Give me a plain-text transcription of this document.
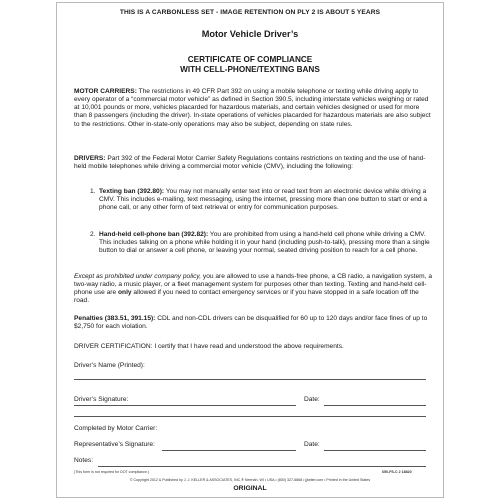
THIS IS A CARBONLESS SET - IMAGE RETENTION ON PLY 2 IS ABOUT 5 YEARS
Motor Vehicle Driver’s
CERTIFICATE OF COMPLIANCE
WITH CELL-PHONE/TEXTING BANS
MOTOR CARRIERS: The restrictions in 49 CFR Part 392 on using a mobile telephone or texting while driving apply to every operator of a “commercial motor vehicle” as defined in Section 390.5, including interstate vehicles weighing or rated at 10,001 pounds or more, vehicles placarded for hazardous materials, and certain vehicles designed or used for more than 8 passengers (including the driver). In-state operations of vehicles placarded for hazardous materials are also subject to the restrictions. Other in-state-only operations may also be subject, depending on state rules.
DRIVERS: Part 392 of the Federal Motor Carrier Safety Regulations contains restrictions on texting and the use of hand-held mobile telephones while driving a commercial motor vehicle (CMV), including the following:
1. Texting ban (392.80): You may not manually enter text into or read text from an electronic device while driving a CMV. This includes e-mailing, text messaging, using the internet, pressing more than one button to start or end a phone call, or any other form of text retrieval or entry for communication purposes.
2. Hand-held cell-phone ban (392.82): You are prohibited from using a hand-held cell phone while driving a CMV. This includes talking on a phone while holding it in your hand (including push-to-talk), pressing more than a single button to dial or answer a cell phone, or leaving your normal, seated driving position to reach for a cell phone.
Except as prohibited under company policy, you are allowed to use a hands-free phone, a CB radio, a navigation system, a two-way radio, a music player, or a fleet management system for purposes other than texting. Texting and hand-held cell-phone use are only allowed if you need to contact emergency services or if you have stopped in a safe location off the road.
Penalties (383.51, 391.15): CDL and non-CDL drivers can be disqualified for 60 up to 120 days and/or face fines of up to $2,750 for each violation.
DRIVER CERTIFICATION: I certify that I have read and understood the above requirements.
Driver’s Name (Printed):
Driver’s Signature:	Date:
Completed by Motor Carrier:
Representative’s Signature:	Date:
Notes:
(This form is not required for DOT compliance.)	650-FS-C 2 18820
© Copyright 2012 & Published by J. J. KELLER & ASSOCIATES, INC.® Neenah, WI • USA • (800) 327-6868 • jjkeller.com • Printed in the United States
ORIGINAL
